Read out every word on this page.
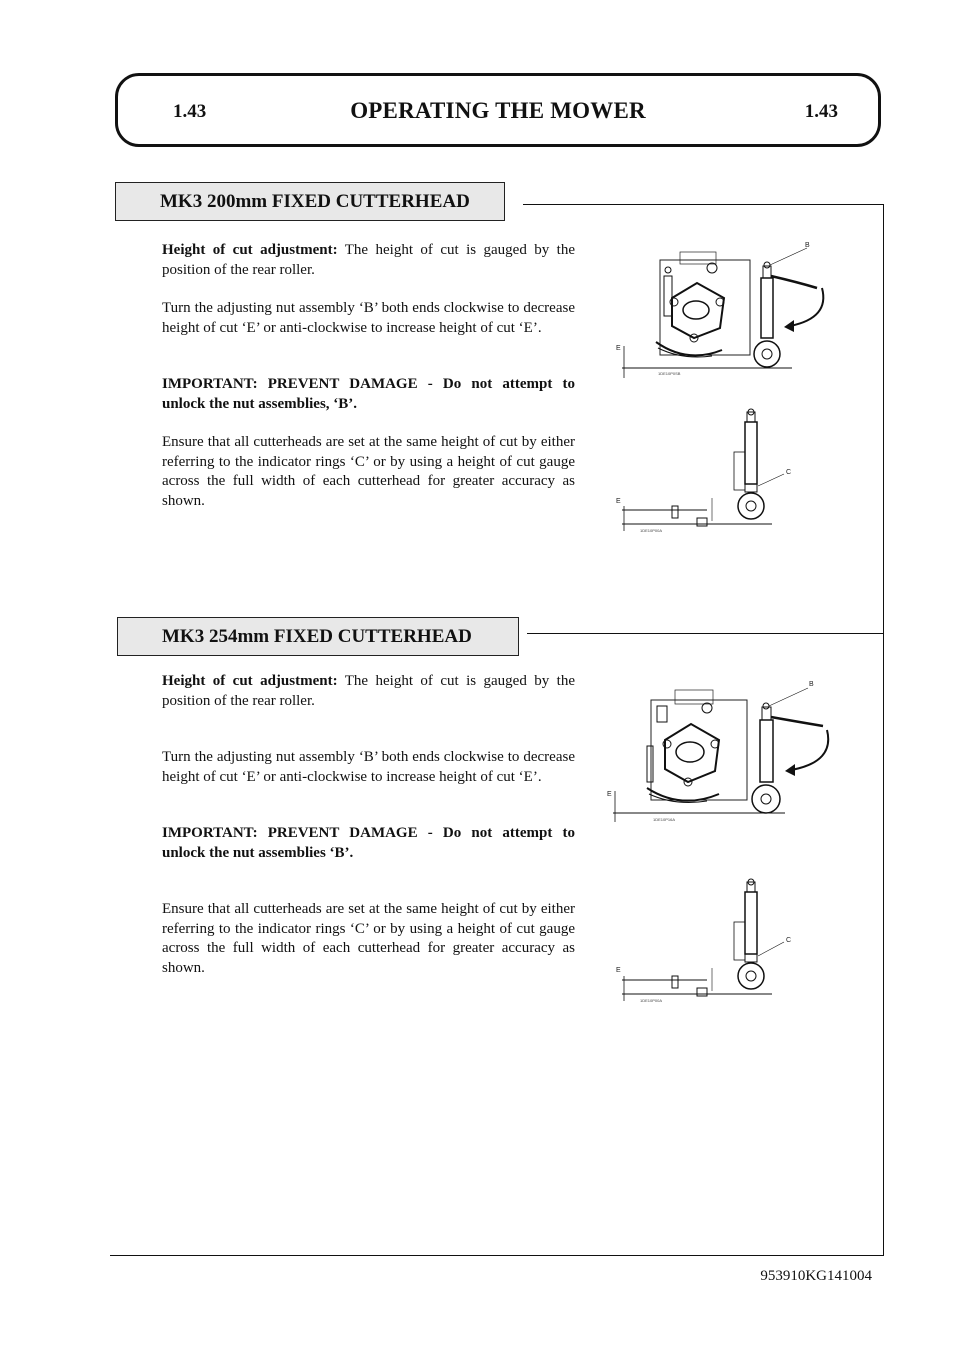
1.43	OPERATING THE MOWER	1.43
MK3 200mm FIXED CUTTERHEAD

Height of cut adjustment: The height of cut is gauged by the position of the rear roller.

Turn the adjusting nut assembly ‘B’ both ends clockwise to decrease height of cut ‘E’ or anti-clockwise to increase height of cut ‘E’.

IMPORTANT: PREVENT DAMAGE - Do not attempt to unlock the nut assemblies, ‘B’.

Ensure that all cutterheads are set at the same height of cut by either referring to the indicator rings ‘C’ or by using a height of cut gauge across the full width of each cutterhead for greater accuracy as shown.

B
E
1DE10P0SB
C
E
1DE10P00A
MK3 254mm FIXED CUTTERHEAD

Height of cut adjustment: The height of cut is gauged by the position of the rear roller.

Turn the adjusting nut assembly ‘B’ both ends clockwise to decrease height of cut ‘E’ or anti-clockwise to increase height of cut ‘E’.

IMPORTANT: PREVENT DAMAGE - Do not attempt to unlock the nut assemblies ‘B’.

Ensure that all cutterheads are set at the same height of cut by either referring to the indicator rings ‘C’ or by using a height of cut gauge across the full width of each cutterhead for greater accuracy as shown.

B
E
1DE10P16A
C
E
1DE10P00A
953910KG141004
